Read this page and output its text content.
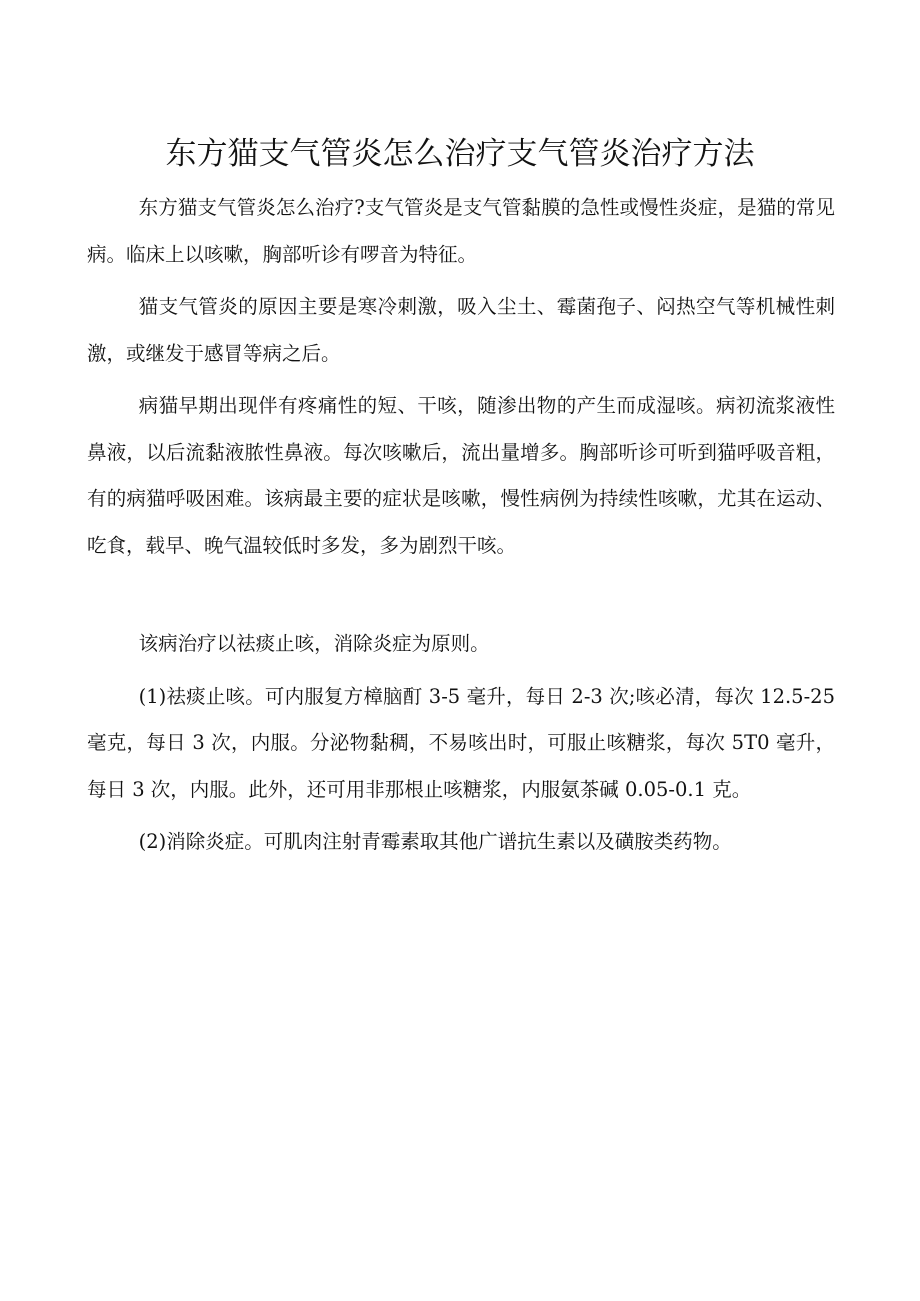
东方猫支气管炎怎么治疗支气管炎治疗方法

东方猫支气管炎怎么治疗?支气管炎是支气管黏膜的急性或慢性炎症，是猫的常见病。临床上以咳嗽，胸部听诊有啰音为特征。

猫支气管炎的原因主要是寒冷刺激，吸入尘土、霉菌孢子、闷热空气等机械性刺激，或继发于感冒等病之后。

病猫早期出现伴有疼痛性的短、干咳，随渗出物的产生而成湿咳。病初流浆液性鼻液，以后流黏液脓性鼻液。每次咳嗽后，流出量增多。胸部听诊可听到猫呼吸音粗，有的病猫呼吸困难。该病最主要的症状是咳嗽，慢性病例为持续性咳嗽，尤其在运动、吃食，载早、晚气温较低时多发，多为剧烈干咳。

该病治疗以祛痰止咳，消除炎症为原则。

(1)祛痰止咳。可内服复方樟脑酊 3-5 毫升，每日 2-3 次;咳必清，每次 12.5-25 毫克，每日 3 次，内服。分泌物黏稠，不易咳出时，可服止咳糖浆，每次 5T0 毫升，每日 3 次，内服。此外，还可用非那根止咳糖浆，内服氨茶碱 0.05-0.1 克。

(2)消除炎症。可肌肉注射青霉素取其他广谱抗生素以及磺胺类药物。
